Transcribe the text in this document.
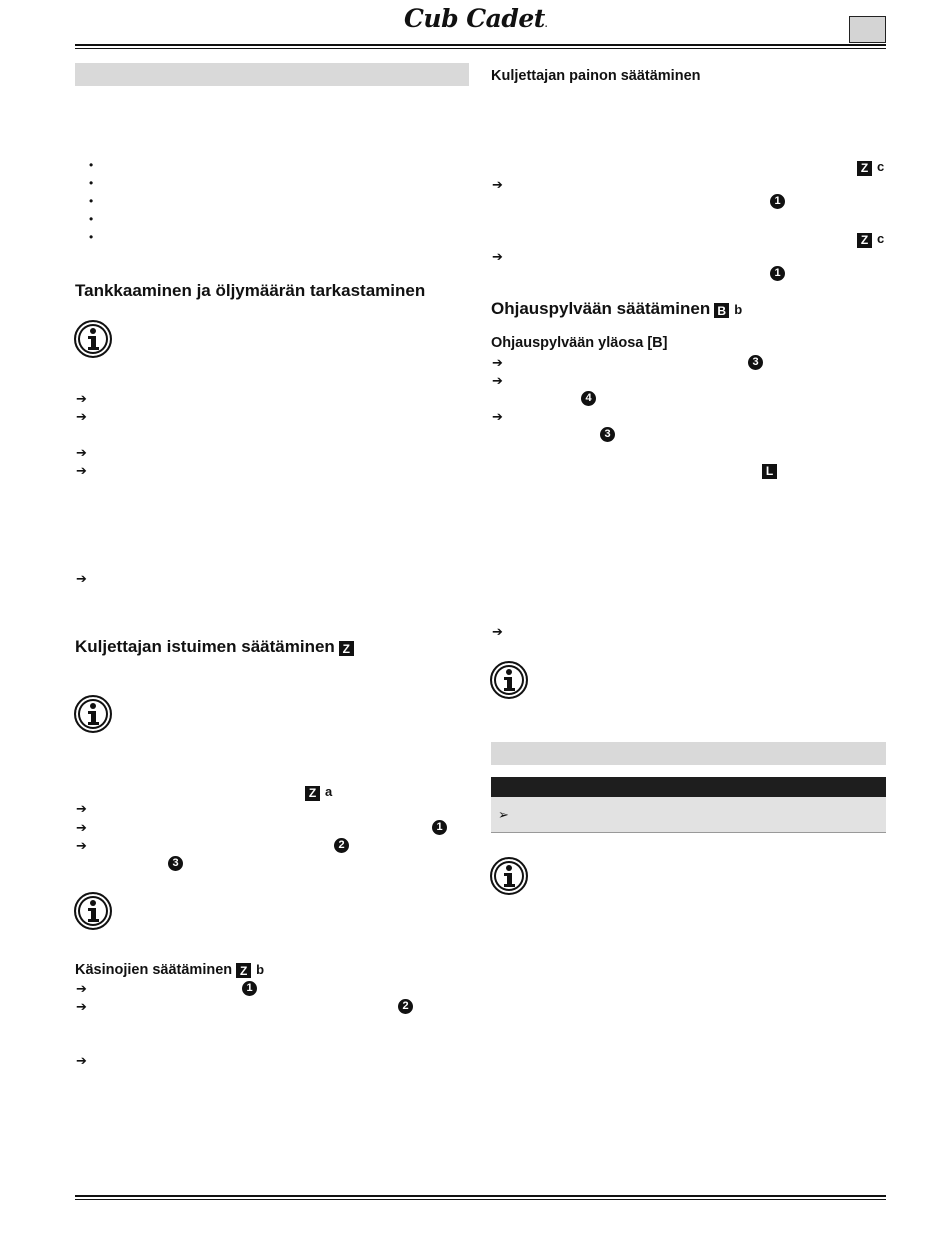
Cub Cadet.
•
•
•
•
•
Tankkaaminen ja öljymäärän tarkastaminen
➔
➔
➔
➔
➔
Kuljettajan istuimen säätäminen Z
Z a
➔
➔
➔
1
2
3
Käsinojien säätäminen Z b
➔
➔
➔
1
2
Kuljettajan painon säätäminen
Z c
➔
1
Z c
➔
1
Ohjauspylvään säätäminen B b
Ohjauspylvään yläosa [B]
➔	3
➔
4
➔
3
L
➔
➢
